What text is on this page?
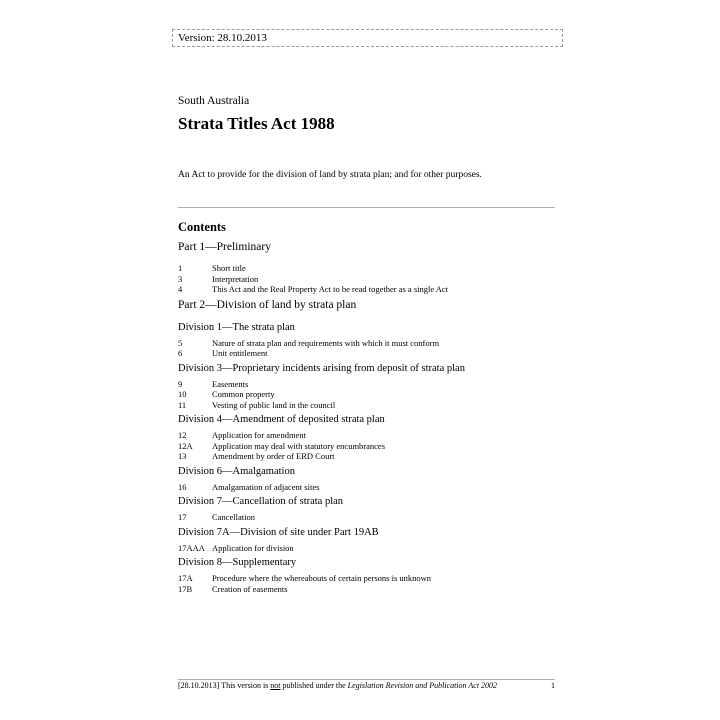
Version: 28.10.2013
South Australia
Strata Titles Act 1988
An Act to provide for the division of land by strata plan; and for other purposes.
Contents
Part 1—Preliminary
1	Short title
3	Interpretation
4	This Act and the Real Property Act to be read together as a single Act
Part 2—Division of land by strata plan
Division 1—The strata plan
5	Nature of strata plan and requirements with which it must conform
6	Unit entitlement
Division 3—Proprietary incidents arising from deposit of strata plan
9	Easements
10	Common property
11	Vesting of public land in the council
Division 4—Amendment of deposited strata plan
12	Application for amendment
12A	Application may deal with statutory encumbrances
13	Amendment by order of ERD Court
Division 6—Amalgamation
16	Amalgamation of adjacent sites
Division 7—Cancellation of strata plan
17	Cancellation
Division 7A—Division of site under Part 19AB
17AAA Application for division
Division 8—Supplementary
17A	Procedure where the whereabouts of certain persons is unknown
17B	Creation of easements
[28.10.2013] This version is not published under the Legislation Revision and Publication Act 2002	1
